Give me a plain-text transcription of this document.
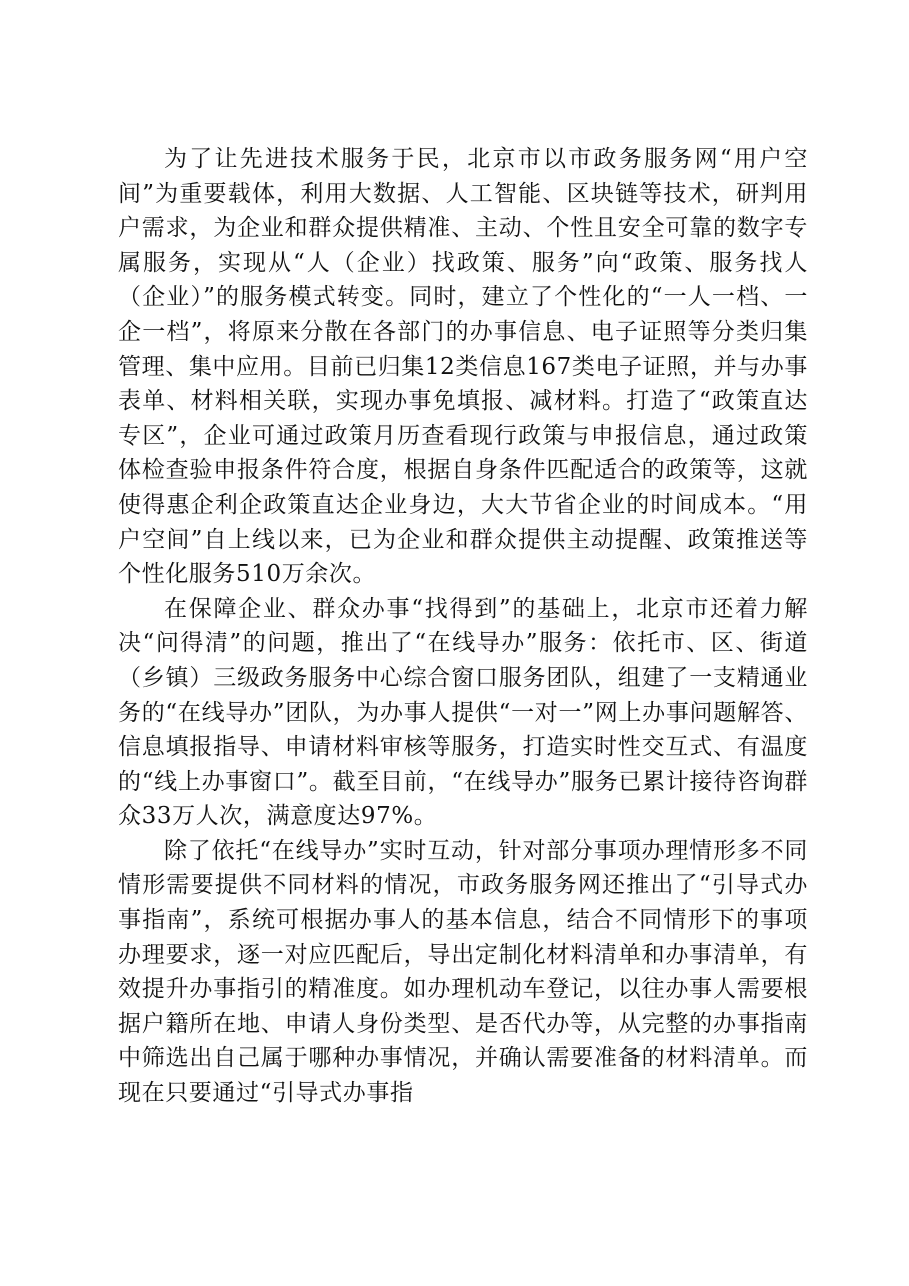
为了让先进技术服务于民，北京市以市政务服务网“用户空间”为重要载体，利用大数据、人工智能、区块链等技术，研判用户需求，为企业和群众提供精准、主动、个性且安全可靠的数字专属服务，实现从“人（企业）找政策、服务”向“政策、服务找人（企业）”的服务模式转变。同时，建立了个性化的“一人一档、一企一档”，将原来分散在各部门的办事信息、电子证照等分类归集管理、集中应用。目前已归集12类信息167类电子证照，并与办事表单、材料相关联，实现办事免填报、减材料。打造了“政策直达专区”，企业可通过政策月历查看现行政策与申报信息，通过政策体检查验申报条件符合度，根据自身条件匹配适合的政策等，这就使得惠企利企政策直达企业身边，大大节省企业的时间成本。“用户空间”自上线以来，已为企业和群众提供主动提醒、政策推送等个性化服务510万余次。

在保障企业、群众办事“找得到”的基础上，北京市还着力解决“问得清”的问题，推出了“在线导办”服务：依托市、区、街道（乡镇）三级政务服务中心综合窗口服务团队，组建了一支精通业务的“在线导办”团队，为办事人提供“一对一”网上办事问题解答、信息填报指导、申请材料审核等服务，打造实时性交互式、有温度的“线上办事窗口”。截至目前，“在线导办”服务已累计接待咨询群众33万人次，满意度达97%。

除了依托“在线导办”实时互动，针对部分事项办理情形多不同情形需要提供不同材料的情况，市政务服务网还推出了“引导式办事指南”，系统可根据办事人的基本信息，结合不同情形下的事项办理要求，逐一对应匹配后，导出定制化材料清单和办事清单，有效提升办事指引的精准度。如办理机动车登记，以往办事人需要根据户籍所在地、申请人身份类型、是否代办等，从完整的办事指南中筛选出自己属于哪种办事情况，并确认需要准备的材料清单。而现在只要通过“引导式办事指
